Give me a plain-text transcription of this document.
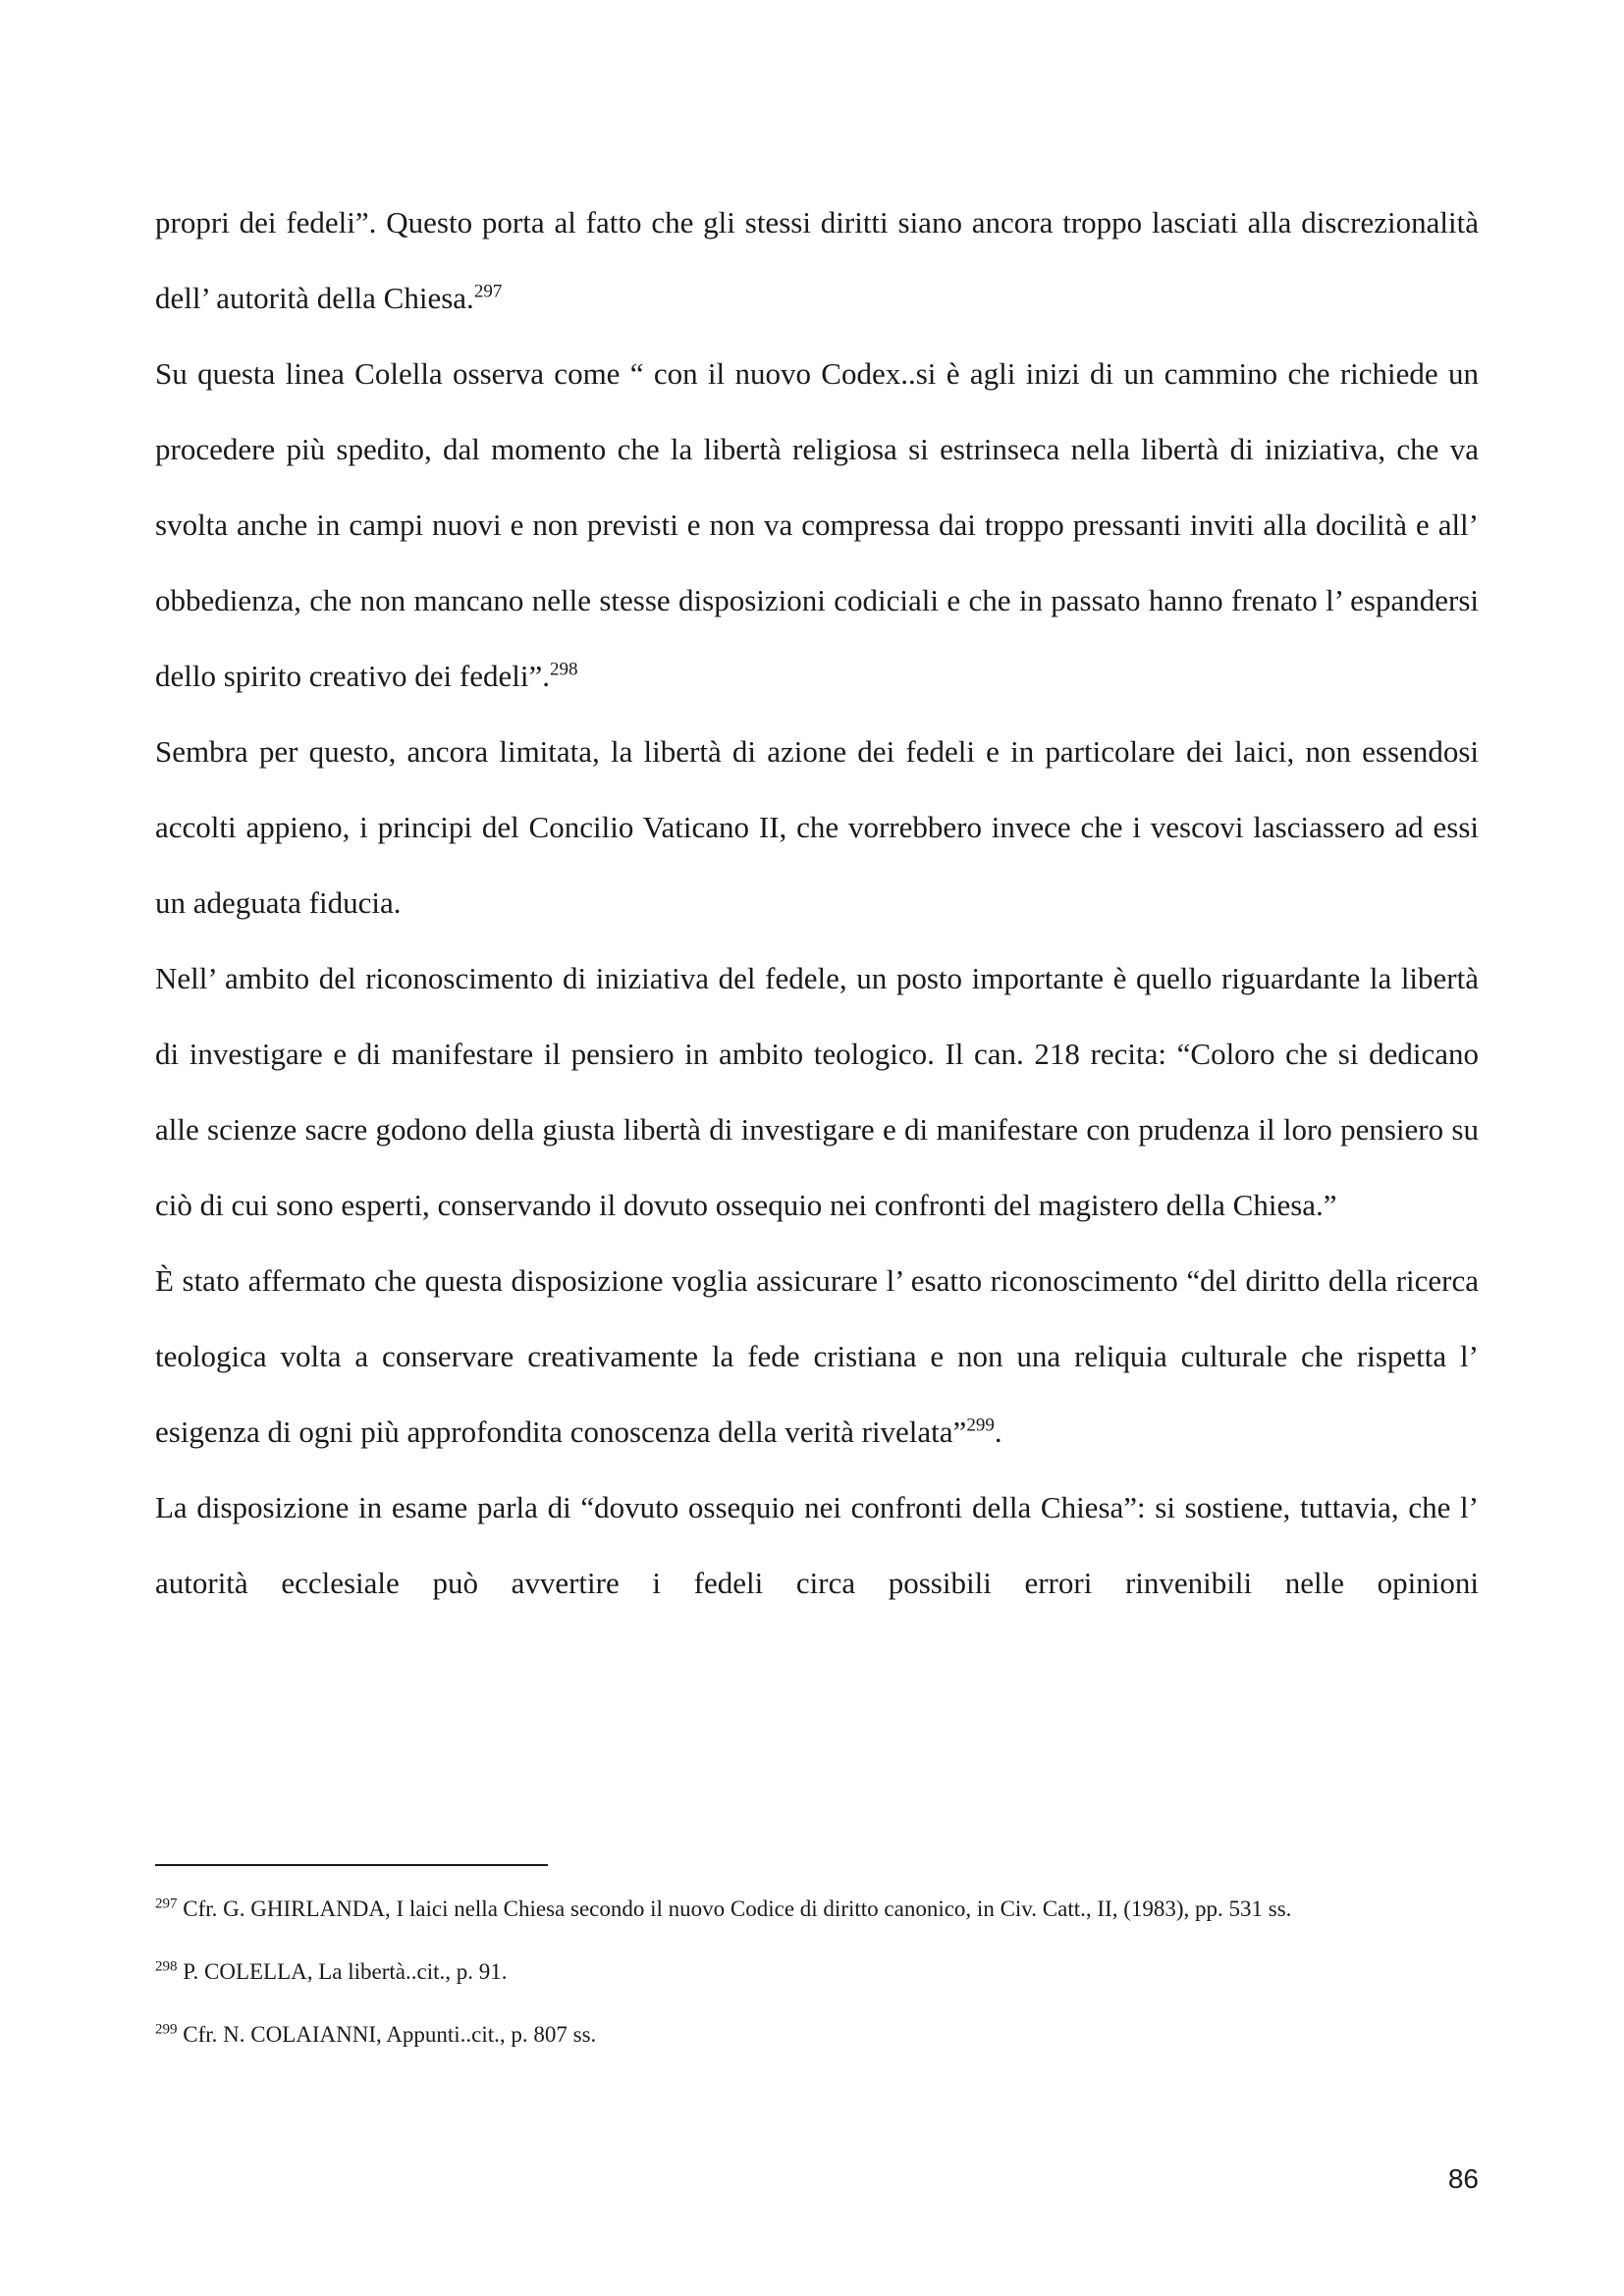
propri dei fedeli”. Questo porta al fatto che gli stessi diritti siano ancora troppo lasciati alla discrezionalità dell’ autorità della Chiesa.$^{297}$

Su questa linea Colella osserva come “ con il nuovo Codex..si è agli inizi di un cammino che richiede un procedere più spedito, dal momento che la libertà religiosa si estrinseca nella libertà di iniziativa, che va svolta anche in campi nuovi e non previsti e non va compressa dai troppo pressanti inviti alla docilità e all’ obbedienza, che non mancano nelle stesse disposizioni codiciali e che in passato hanno frenato l’ espandersi dello spirito creativo dei fedeli”.$^{298}$

Sembra per questo, ancora limitata, la libertà di azione dei fedeli e in particolare dei laici, non essendosi accolti appieno, i principi del Concilio Vaticano II, che vorrebbero invece che i vescovi lasciassero ad essi un adeguata fiducia.

Nell’ ambito del riconoscimento di iniziativa del fedele, un posto importante è quello riguardante la libertà di investigare e di manifestare il pensiero in ambito teologico. Il can. 218 recita: “Coloro che si dedicano alle scienze sacre godono della giusta libertà di investigare e di manifestare con prudenza il loro pensiero su ciò di cui sono esperti, conservando il dovuto ossequio nei confronti del magistero della Chiesa.”

È stato affermato che questa disposizione voglia assicurare l’ esatto riconoscimento “del diritto della ricerca teologica volta a conservare creativamente la fede cristiana e non una reliquia culturale che rispetta l’ esigenza di ogni più approfondita conoscenza della verità rivelata”$^{299}$.

La disposizione in esame parla di “dovuto ossequio nei confronti della Chiesa”: si sostiene, tuttavia, che l’ autorità ecclesiale può avvertire i fedeli circa possibili errori rinvenibili nelle opinioni

$^{297}$ Cfr. G. GHIRLANDA, I laici nella Chiesa secondo il nuovo Codice di diritto canonico, in Civ. Catt., II, (1983), pp. 531 ss.

$^{298}$ P. COLELLA, La libertà..cit., p. 91.

$^{299}$ Cfr. N. COLAIANNI, Appunti..cit., p. 807 ss.

86
